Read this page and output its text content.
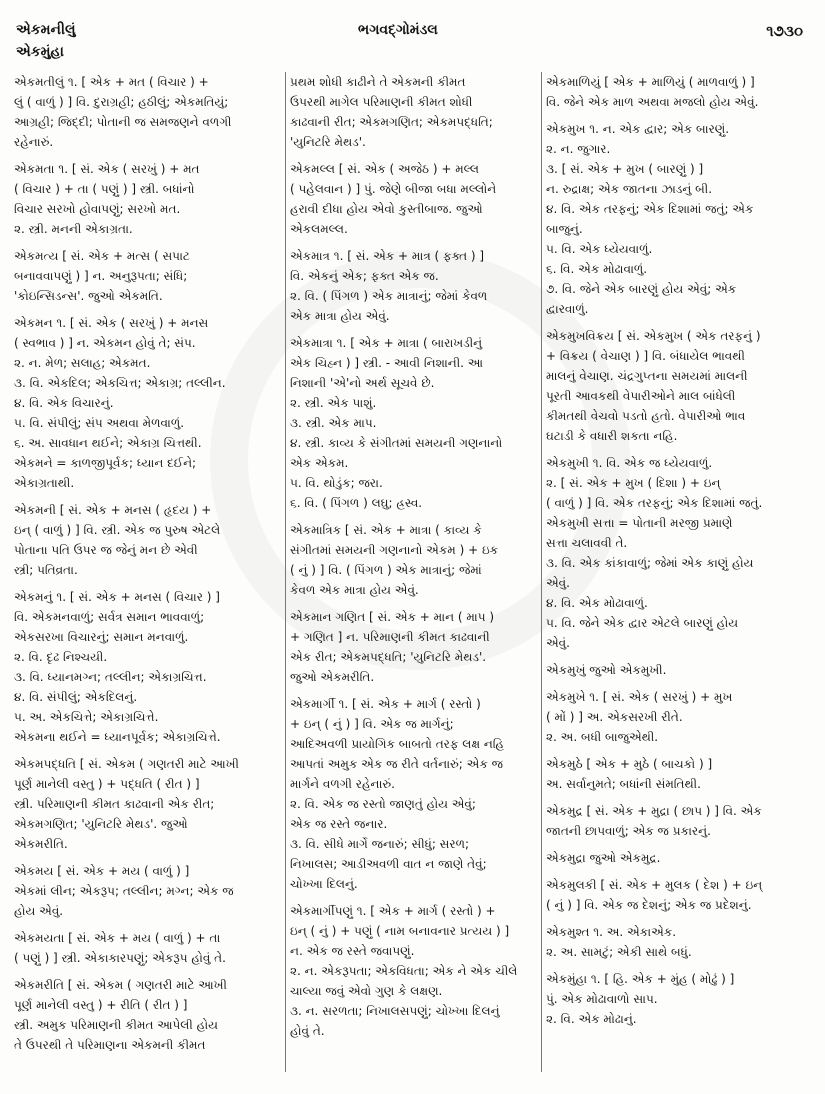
એકમનીલું
એકમુંહા
ભગવદ્ગોમંડલ	૧૭૩૦
એકમતીલું ૧. [ એક + મત ( વિચાર ) +
લું ( વાળું ) ] વિ. દુરાગ્રહી; હઠીલું; એકમતિયું;
આગ્રહી; જિદ્દી; પોતાની જ સમજણને વળગી
રહેનારું.
એકમતા ૧. [ સં. એક ( સરખું ) + મત
( વિચાર ) + તા ( પણું ) ] સ્ત્રી. બધાંનો
વિચાર સરખો હોવાપણું; સરખો મત.
૨. સ્ત્રી. મનની એકાગ્રતા.
એકમત્ય [ સં. એક + મત્સ ( સપાટ
બનાવવાપણું ) ] ન. અનુરૂપતા; સંધિ;
'કોઇન્સિડન્સ'. જુઓ એકમતિ.
એકમન ૧. [ સં. એક ( સરખું ) + મનસ
( સ્વભાવ ) ] ન. એકમન હોવું તે; સંપ.
૨. ન. મેળ; સલાહ; એકમત.
૩. વિ. એકદિલ; એકચિત્ત; એકાગ્ર; તલ્લીન.
૪. વિ. એક વિચારનું.
૫. વિ. સંપીલું; સંપ અથવા મેળવાળું.
૬. અ. સાવધાન થઈને; એકાગ્ર ચિત્તથી.
એકમને = કાળજીપૂર્વક; ધ્યાન દઈને;
એકાગ્રતાથી.
એકમની [ સં. એક + મનસ ( હૃદય ) +
ઇન્ ( વાળું ) ] વિ. સ્ત્રી. એક જ પુરુષ એટલે
પોતાના પતિ ઉપર જ જેનું મન છે એવી
સ્ત્રી; પતિવ્રતા.
એકમનું ૧. [ સં. એક + મનસ ( વિચાર ) ]
વિ. એકમનવાળું; સર્વત્ર સમાન ભાવવાળું;
એકસરખા વિચારનું; સમાન મનવાળું.
૨. વિ. દૃઢ નિશ્ચયી.
૩. વિ. ધ્યાનમગ્ન; તલ્લીન; એકાગ્રચિત્ત.
૪. વિ. સંપીલું; એકદિલનું.
૫. અ. એકચિત્તે; એકાગ્રચિત્તે.
એકમના થઈને = ધ્યાનપૂર્વક; એકાગ્રચિત્તે.
એકમપદ્ધતિ [ સં. એકમ ( ગણતરી માટે આખી
પૂર્ણ માનેલી વસ્તુ ) + પદ્ધતિ ( રીત ) ]
સ્ત્રી. પરિમાણની કીમત કાઢવાની એક રીત;
એકમગણિત; 'યુનિટરિ મેથડ'. જુઓ
એકમરીતિ.
એકમય [ સં. એક + મય ( વાળું ) ]
એકમાં લીન; એકરૂપ; તલ્લીન; મગ્ન; એક જ
હોય એવું.
એકમયતા [ સં. એક + મય ( વાળું ) + તા
( પણું ) ] સ્ત્રી. એકાકારપણું; એકરૂપ હોવું તે.
એકમરીતિ [ સં. એકમ ( ગણતરી માટે આખી
પૂર્ણ માનેલી વસ્તુ ) + રીતિ ( રીત ) ]
સ્ત્રી. અમુક પરિમાણની કીમત આપેલી હોય
તે ઉપરથી તે પરિમાણના એકમની કીમત
પ્રથમ શોધી કાઢીને તે એકમની કીમત
ઉપરથી માગેલ પરિમાણની કીમત શોધી
કાઢવાની રીત; એકમગણિત; એકમપદ્ધતિ;
'યુનિટરિ મેથડ'.
એકમલ્લ [ સં. એક ( અજેઠ ) + મલ્લ
( પહેલવાન ) ] પું. જેણે બીજા બધા મલ્લોને
હરાવી દીધા હોય એવો કુસ્તીબાજ. જુઓ
એકલમલ્લ.
એકમાત્ર ૧. [ સં. એક + માત્ર ( ફક્ત ) ]
વિ. એકનું એક; ફક્ત એક જ.
૨. વિ. ( પિંગળ ) એક માત્રાનું; જેમાં કેવળ
એક માત્રા હોય એવું.
એકમાત્રા ૧. [ એક + માત્રા ( બારાખડીનું
એક ચિહ્ન ) ] સ્ત્રી. - આવી નિશાની. આ
નિશાની 'એ'નો અર્થ સૂચવે છે.
૨. સ્ત્રી. એક પાશું.
૩. સ્ત્રી. એક માપ.
૪. સ્ત્રી. કાવ્ય કે સંગીતમાં સમયની ગણનાનો
એક એકમ.
૫. વિ. થોડુંક; જરા.
૬. વિ. ( પિંગળ ) લઘુ; હ્રસ્વ.
એકમાત્રિક [ સં. એક + માત્રા ( કાવ્ય કે
સંગીતમાં સમયની ગણનાનો એકમ ) + ઇક
( નું ) ] વિ. ( પિંગળ ) એક માત્રાનું; જેમાં
કેવળ એક માત્રા હોય એવું.
એકમાન ગણિત [ સં. એક + માન ( માપ )
+ ગણિત ] ન. પરિમાણની કીમત કાઢવાની
એક રીત; એકમપદ્ધતિ; 'યુનિટરિ મેથડ'.
જુઓ એકમરીતિ.
એકમાર્ગી ૧. [ સં. એક + માર્ગ ( રસ્તો )
+ ઇન્ ( નું ) ] વિ. એક જ માર્ગનું;
આદિઅવળી પ્રાયોગિક બાબતો તરફ લક્ષ નહિ
આપતાં અમુક એક જ રીતે વર્તનારું; એક જ
માર્ગને વળગી રહેનારું.
૨. વિ. એક જ રસ્તો જાણતું હોય એવું;
એક જ રસ્તે જનાર.
૩. વિ. સીધે માર્ગે જનારું; સીધું; સરળ;
નિખાલસ; આડીઅવળી વાત ન જાણે તેવું;
ચોખ્ખા દિલનું.
એકમાર્ગીપણું ૧. [ એક + માર્ગ ( રસ્તો ) +
ઇન્ ( નું ) + પણું ( નામ બનાવનાર પ્રત્યય ) ]
ન. એક જ રસ્તે જવાપણું.
૨. ન. એકરૂપતા; એકવિધતા; એક ને એક ચીલે
ચાલ્યા જવું એવો ગુણ કે લક્ષણ.
૩. ન. સરળતા; નિખાલસપણું; ચોખ્ખા દિલનું
હોવું તે.
એકમાળિયું [ એક + માળિયું ( માળવાળું ) ]
વિ. જેને એક માળ અથવા મજલો હોય એવું.
એકમુખ ૧. ન. એક દ્વાર; એક બારણું.
૨. ન. જુગાર.
૩. [ સં. એક + મુખ ( બારણું ) ]
ન. રુદ્રાક્ષ; એક જાતના ઝાડનું બી.
૪. વિ. એક તરફનું; એક દિશામાં જતું; એક
બાજુનું.
૫. વિ. એક ધ્યેયવાળું.
૬. વિ. એક મોઢાવાળું.
૭. વિ. જેને એક બારણું હોય એવું; એક
દ્વારવાળું.
એકમુખવિક્રય [ સં. એકમુખ ( એક તરફનું )
+ વિક્રય ( વેચાણ ) ] વિ. બંધાયેલ ભાવથી
માલનું વેચાણ. ચંદ્રગુપ્તના સમયમાં માલની
પૂરતી આવકથી વેપારીઓને માલ બાંધેલી
કીમતથી વેચવો પડતો હતો. વેપારીઓ ભાવ
ઘટાડી કે વધારી શકતા નહિ.
એકમુખી ૧. વિ. એક જ ધ્યેયવાળું.
૨. [ સં. એક + મુખ ( દિશા ) + ઇન્
( વાળું ) ] વિ. એક તરફનું; એક દિશામાં જતું.
એકમુખી સત્તા = પોતાની મરજી પ્રમાણે
સત્તા ચલાવવી તે.
૩. વિ. એક કાંકાવાળું; જેમાં એક કાણું હોય
એવું.
૪. વિ. એક મોઢાવાળું.
૫. વિ. જેને એક દ્વાર એટલે બારણું હોય
એવું.
એકમુખું જુઓ એકમુખી.
એકમુખે ૧. [ સં. એક ( સરખું ) + મુખ
( મોં ) ] અ. એકસરખી રીતે.
૨. અ. બધી બાજુએથી.
એકમુઠે [ એક + મુઠે ( બાચકો ) ]
અ. સર્વાનુમતે; બધાંની સંમતિથી.
એકમુદ્ર [ સં. એક + મુદ્રા ( છાપ ) ] વિ. એક
જાતની છાપવાળું; એક જ પ્રકારનું.
એકમુદ્રા જુઓ એકમુદ્ર.
એકમુલકી [ સં. એક + મુલક ( દેશ ) + ઇન્
( નું ) ] વિ. એક જ દેશનું; એક જ પ્રદેશનું.
એકમુશ્ત ૧. અ. એકાએક.
૨. અ. સામટું; એકી સાથે બધું.
એકમુંહા ૧. [ હિ. એક + મુંહ ( મોઢું ) ]
પું. એક મોઢાવાળો સાપ.
૨. વિ. એક મોઢાનું.
